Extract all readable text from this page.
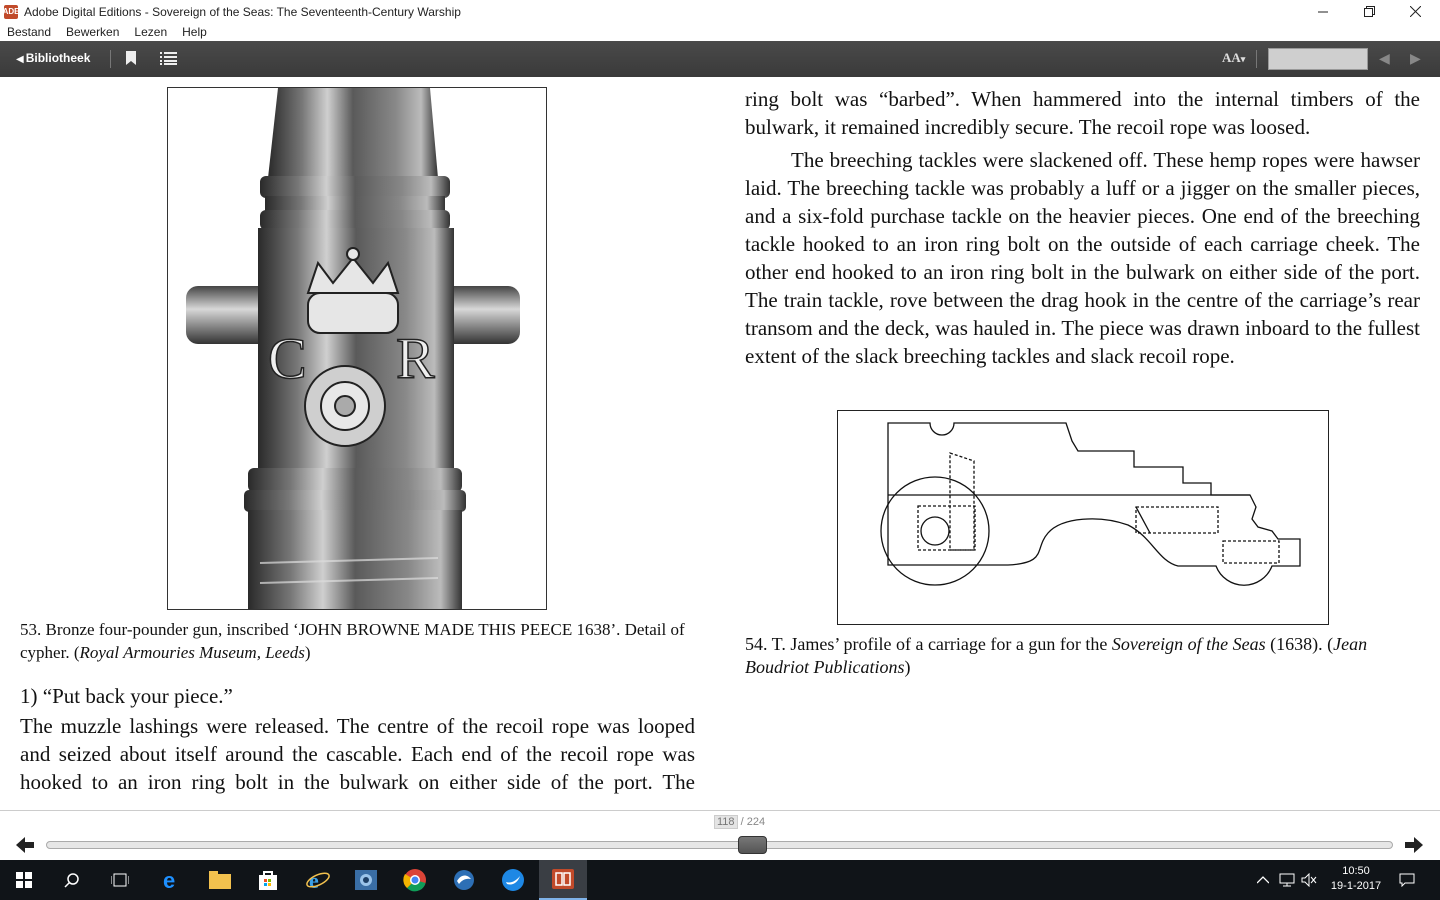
ADE Adobe Digital Editions - Sovereign of the Seas: The Seventeenth-Century Warship
Bestand Bewerken Lezen Help
◀ Bibliotheek	AA▾	◀ ▶
C R
53. Bronze four-pounder gun, inscribed ‘JOHN BROWNE MADE THIS PEECE 1638’. Detail of cypher. (Royal Armouries Museum, Leeds)
1) “Put back your piece.”
The muzzle lashings were released. The centre of the recoil rope was looped and seized about itself around the cascable. Each end of the recoil rope was hooked to an iron ring bolt in the bulwark on either side of the port. The
ring bolt was “barbed”. When hammered into the internal timbers of the bulwark, it remained incredibly secure. The recoil rope was loosed.
The breeching tackles were slackened off. These hemp ropes were hawser laid. The breeching tackle was probably a luff or a jigger on the smaller pieces, and a six-fold purchase tackle on the heavier pieces. One end of the breeching tackle hooked to an iron ring bolt on the outside of each carriage cheek. The other end hooked to an iron ring bolt in the bulwark on either side of the port. The train tackle, rove between the drag hook in the centre of the carriage’s rear transom and the deck, was hauled in. The piece was drawn inboard to the fullest extent of the slack breeching tackles and slack recoil rope.
54. T. James’ profile of a carriage for a gun for the Sovereign of the Seas (1638). (Jean Boudriot Publications)
118 / 224
e	e	10:50
19-1-2017
